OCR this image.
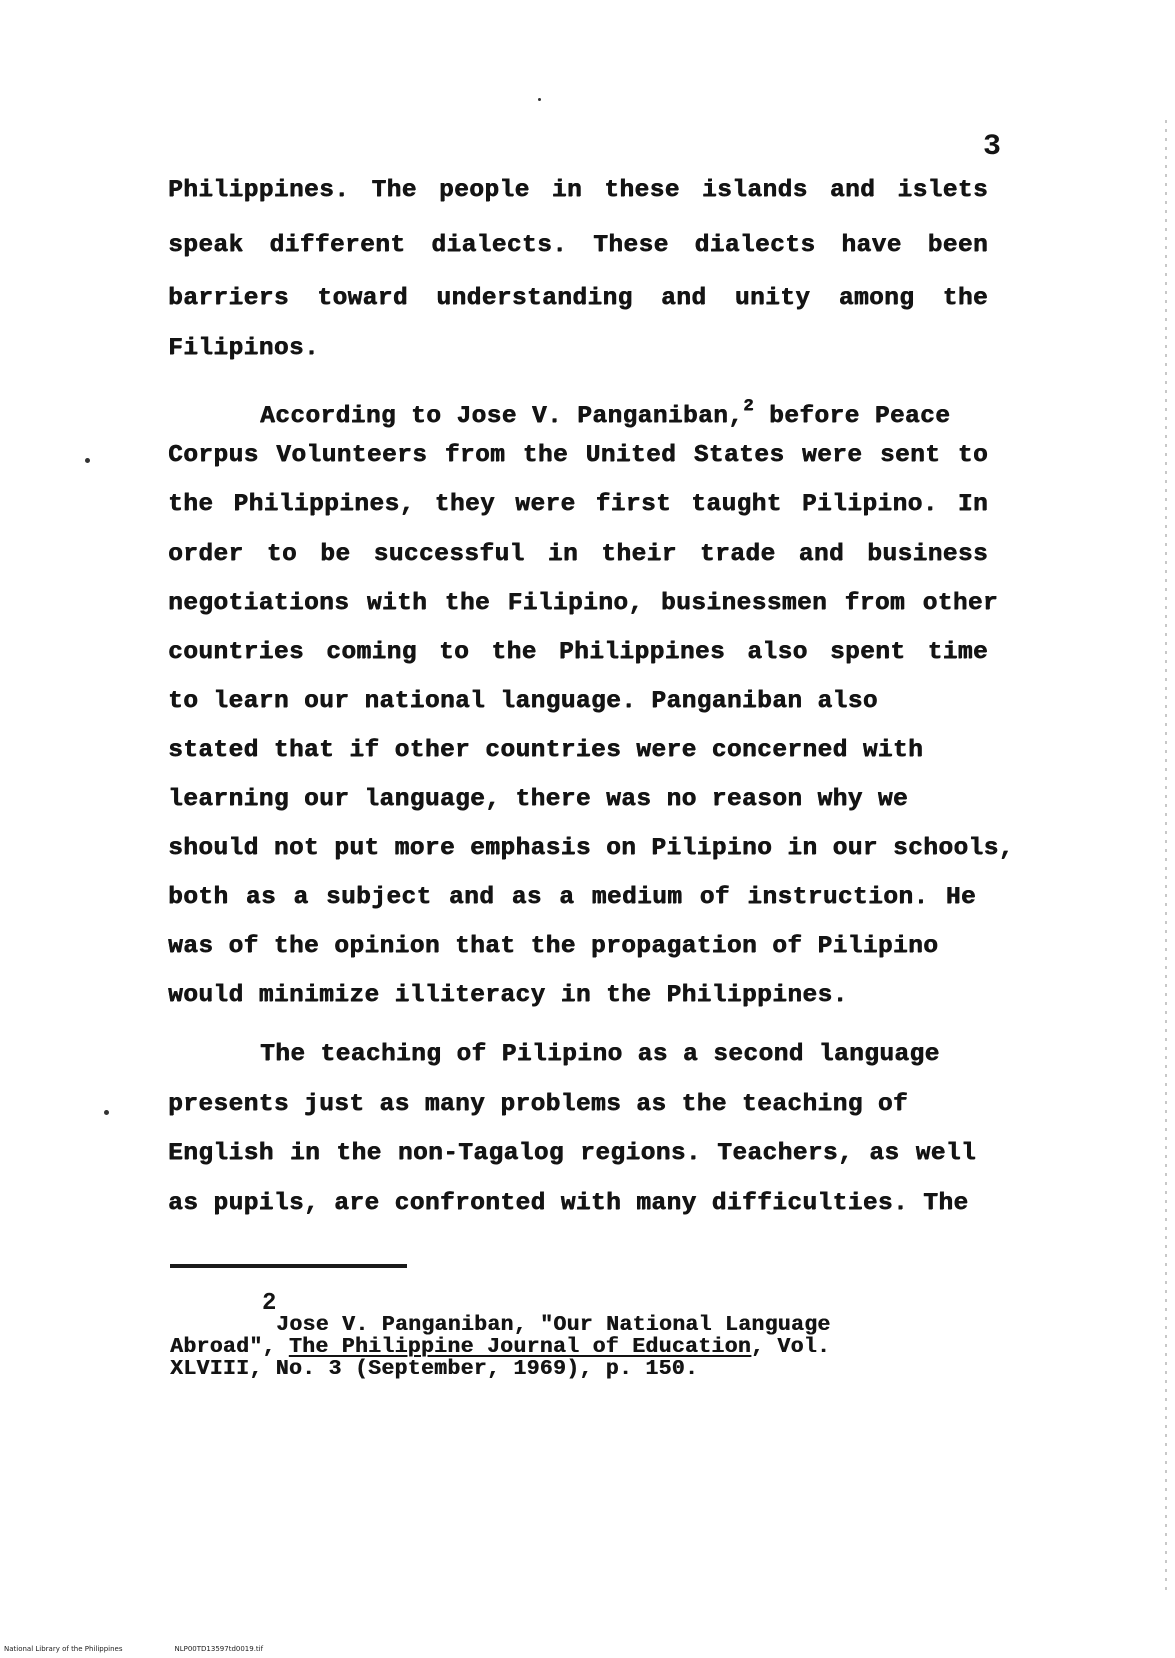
3
Philippines. The people in these islands and islets
speak different dialects. These dialects have been
barriers toward understanding and unity among the
Filipinos.
According to Jose V. Panganiban,$^2$ before Peace
Corpus Volunteers from the United States were sent to
the Philippines, they were first taught Pilipino. In
order to be successful in their trade and business
negotiations with the Filipino, businessmen from other
countries coming to the Philippines also spent time
to learn our national language. Panganiban also
stated that if other countries were concerned with
learning our language, there was no reason why we
should not put more emphasis on Pilipino in our schools,
both as a subject and as a medium of instruction. He
was of the opinion that the propagation of Pilipino
would minimize illiteracy in the Philippines.
The teaching of Pilipino as a second language
presents just as many problems as the teaching of
English in the non-Tagalog regions. Teachers, as well
as pupils, are confronted with many difficulties. The
2
Jose V. Panganiban, "Our National Language
Abroad", The Philippine Journal of Education, Vol.
XLVIII, No. 3 (September, 1969), p. 150.
National Library of the Philippines	NLP00TD13597td0019.tif
